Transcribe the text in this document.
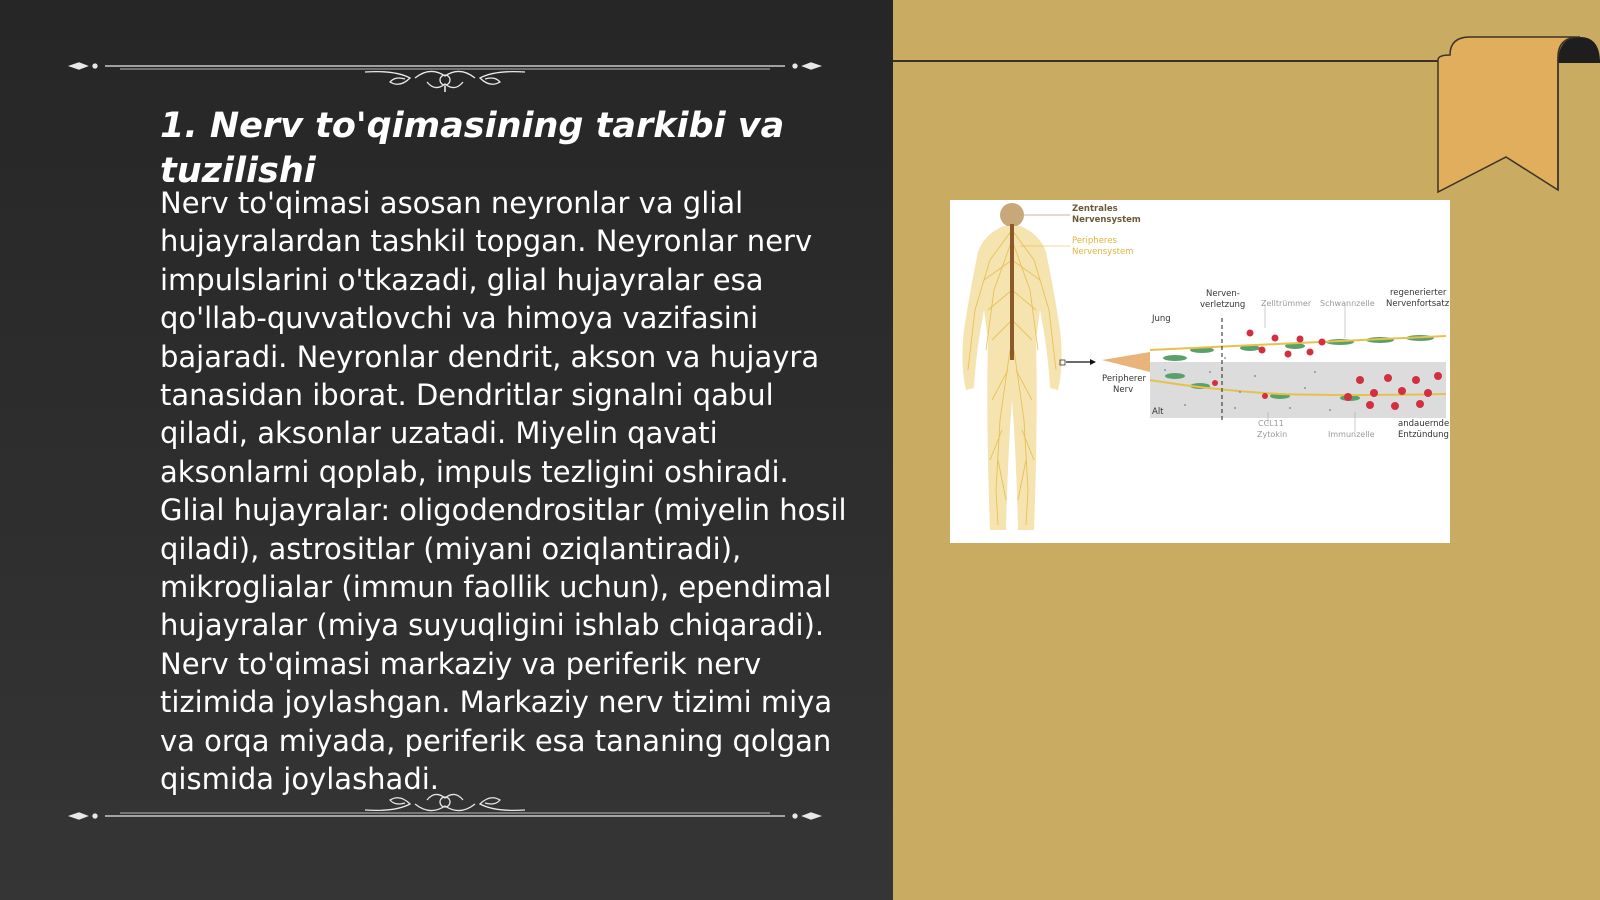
1. Nerv to'qimasining tarkibi va tuzilishi

Nerv to'qimasi asosan neyronlar va glial hujayralardan tashkil topgan. Neyronlar nerv impulslarini o'tkazadi, glial hujayralar esa qo'llab-quvvatlovchi va himoya vazifasini bajaradi. Neyronlar dendrit, akson va hujayra tanasidan iborat. Dendritlar signalni qabul qiladi, aksonlar uzatadi. Miyelin qavati aksonlarni qoplab, impuls tezligini oshiradi. Glial hujayralar: oligodendrositlar (miyelin hosil qiladi), astrositlar (miyani oziqlantiradi), mikroglialar (immun faollik uchun), ependimal hujayralar (miya suyuqligini ishlab chiqaradi). Nerv to'qimasi markaziy va periferik nerv tizimida joylashgan. Markaziy nerv tizimi miya va orqa miyada, periferik esa tananing qolgan qismida joylashadi.

Zentrales
Nervensystem
Peripheres
Nervensystem
Peripherer
Nerv
Nerven-
verletzung Zelltrümmer Schwannzelle
regenerierter
Nervenfortsatz
Jung
Alt
andauernde
Entzündung
CCL11
Zytokin	Immunzelle
